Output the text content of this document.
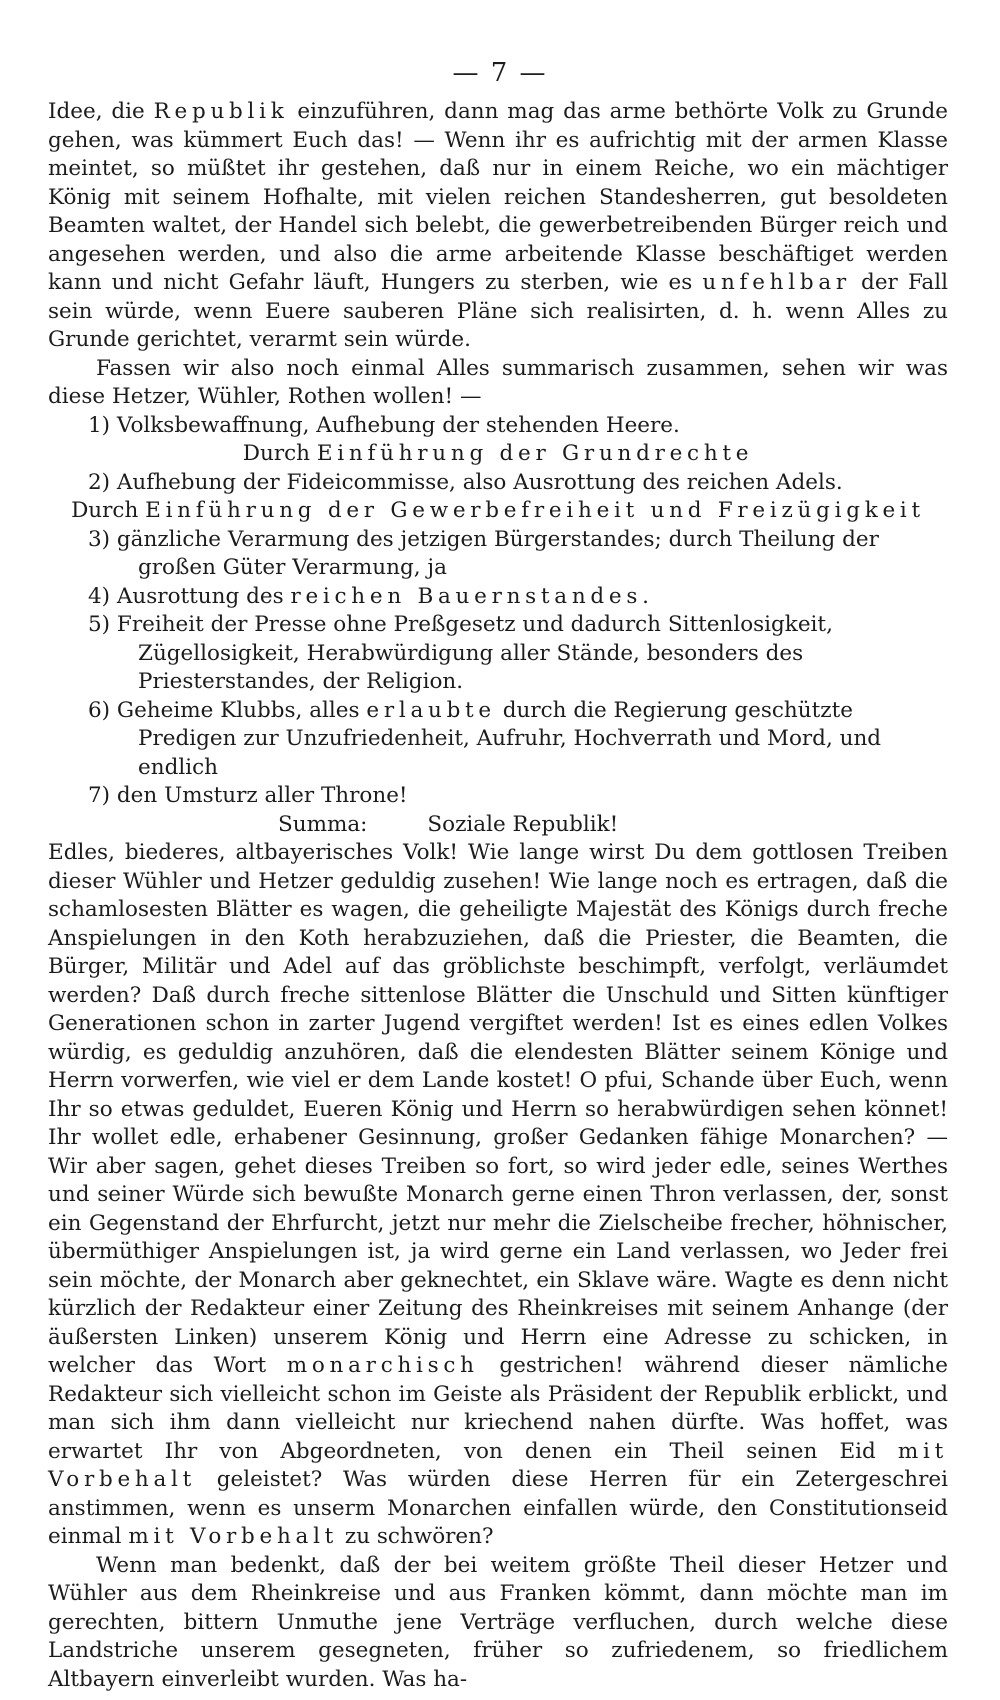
— 7 —

Idee, die Republik einzuführen, dann mag das arme bethörte Volk zu Grunde gehen, was kümmert Euch das! — Wenn ihr es aufrichtig mit der armen Klasse meintet, so müßtet ihr gestehen, daß nur in einem Reiche, wo ein mächtiger König mit seinem Hofhalte, mit vielen reichen Standesherren, gut besoldeten Beamten waltet, der Handel sich belebt, die gewerbetreibenden Bürger reich und angesehen werden, und also die arme arbeitende Klasse beschäftiget werden kann und nicht Gefahr läuft, Hungers zu sterben, wie es unfehlbar der Fall sein würde, wenn Euere sauberen Pläne sich realisirten, d. h. wenn Alles zu Grunde gerichtet, verarmt sein würde.

Fassen wir also noch einmal Alles summarisch zusammen, sehen wir was diese Hetzer, Wühler, Rothen wollen! —

1) Volksbewaffnung, Aufhebung der stehenden Heere.

Durch Einführung der Grundrechte

2) Aufhebung der Fideicommisse, also Ausrottung des reichen Adels.

Durch Einführung der Gewerbefreiheit und Freizügigkeit

3) gänzliche Verarmung des jetzigen Bürgerstandes; durch Theilung der großen Güter Verarmung, ja

4) Ausrottung des reichen Bauernstandes.

5) Freiheit der Presse ohne Preßgesetz und dadurch Sittenlosigkeit, Zügellosigkeit, Herabwürdigung aller Stände, besonders des Priesterstandes, der Religion.

6) Geheime Klubbs, alles erlaubte durch die Regierung geschützte Predigen zur Unzufriedenheit, Aufruhr, Hochverrath und Mord, und endlich

7) den Umsturz aller Throne!

Summa:	Soziale Republik!

Edles, biederes, altbayerisches Volk! Wie lange wirst Du dem gottlosen Treiben dieser Wühler und Hetzer geduldig zusehen! Wie lange noch es ertragen, daß die schamlosesten Blätter es wagen, die geheiligte Majestät des Königs durch freche Anspielungen in den Koth herabzuziehen, daß die Priester, die Beamten, die Bürger, Militär und Adel auf das gröblichste beschimpft, verfolgt, verläumdet werden? Daß durch freche sittenlose Blätter die Unschuld und Sitten künftiger Generationen schon in zarter Jugend vergiftet werden! Ist es eines edlen Volkes würdig, es geduldig anzuhören, daß die elendesten Blätter seinem Könige und Herrn vorwerfen, wie viel er dem Lande kostet! O pfui, Schande über Euch, wenn Ihr so etwas geduldet, Eueren König und Herrn so herabwürdigen sehen könnet! Ihr wollet edle, erhabener Gesinnung, großer Gedanken fähige Monarchen? — Wir aber sagen, gehet dieses Treiben so fort, so wird jeder edle, seines Werthes und seiner Würde sich bewußte Monarch gerne einen Thron verlassen, der, sonst ein Gegenstand der Ehrfurcht, jetzt nur mehr die Zielscheibe frecher, höhnischer, übermüthiger Anspielungen ist, ja wird gerne ein Land verlassen, wo Jeder frei sein möchte, der Monarch aber geknechtet, ein Sklave wäre. Wagte es denn nicht kürzlich der Redakteur einer Zeitung des Rheinkreises mit seinem Anhange (der äußersten Linken) unserem König und Herrn eine Adresse zu schicken, in welcher das Wort monarchisch gestrichen! während dieser nämliche Redakteur sich vielleicht schon im Geiste als Präsident der Republik erblickt, und man sich ihm dann vielleicht nur kriechend nahen dürfte. Was hoffet, was erwartet Ihr von Abgeordneten, von denen ein Theil seinen Eid mit Vorbehalt geleistet? Was würden diese Herren für ein Zetergeschrei anstimmen, wenn es unserm Monarchen einfallen würde, den Constitutionseid einmal mit Vorbehalt zu schwören?

Wenn man bedenkt, daß der bei weitem größte Theil dieser Hetzer und Wühler aus dem Rheinkreise und aus Franken kömmt, dann möchte man im gerechten, bittern Unmuthe jene Verträge verfluchen, durch welche diese Landstriche unserem gesegneten, früher so zufriedenem, so friedlichem Altbayern einverleibt wurden. Was ha-
